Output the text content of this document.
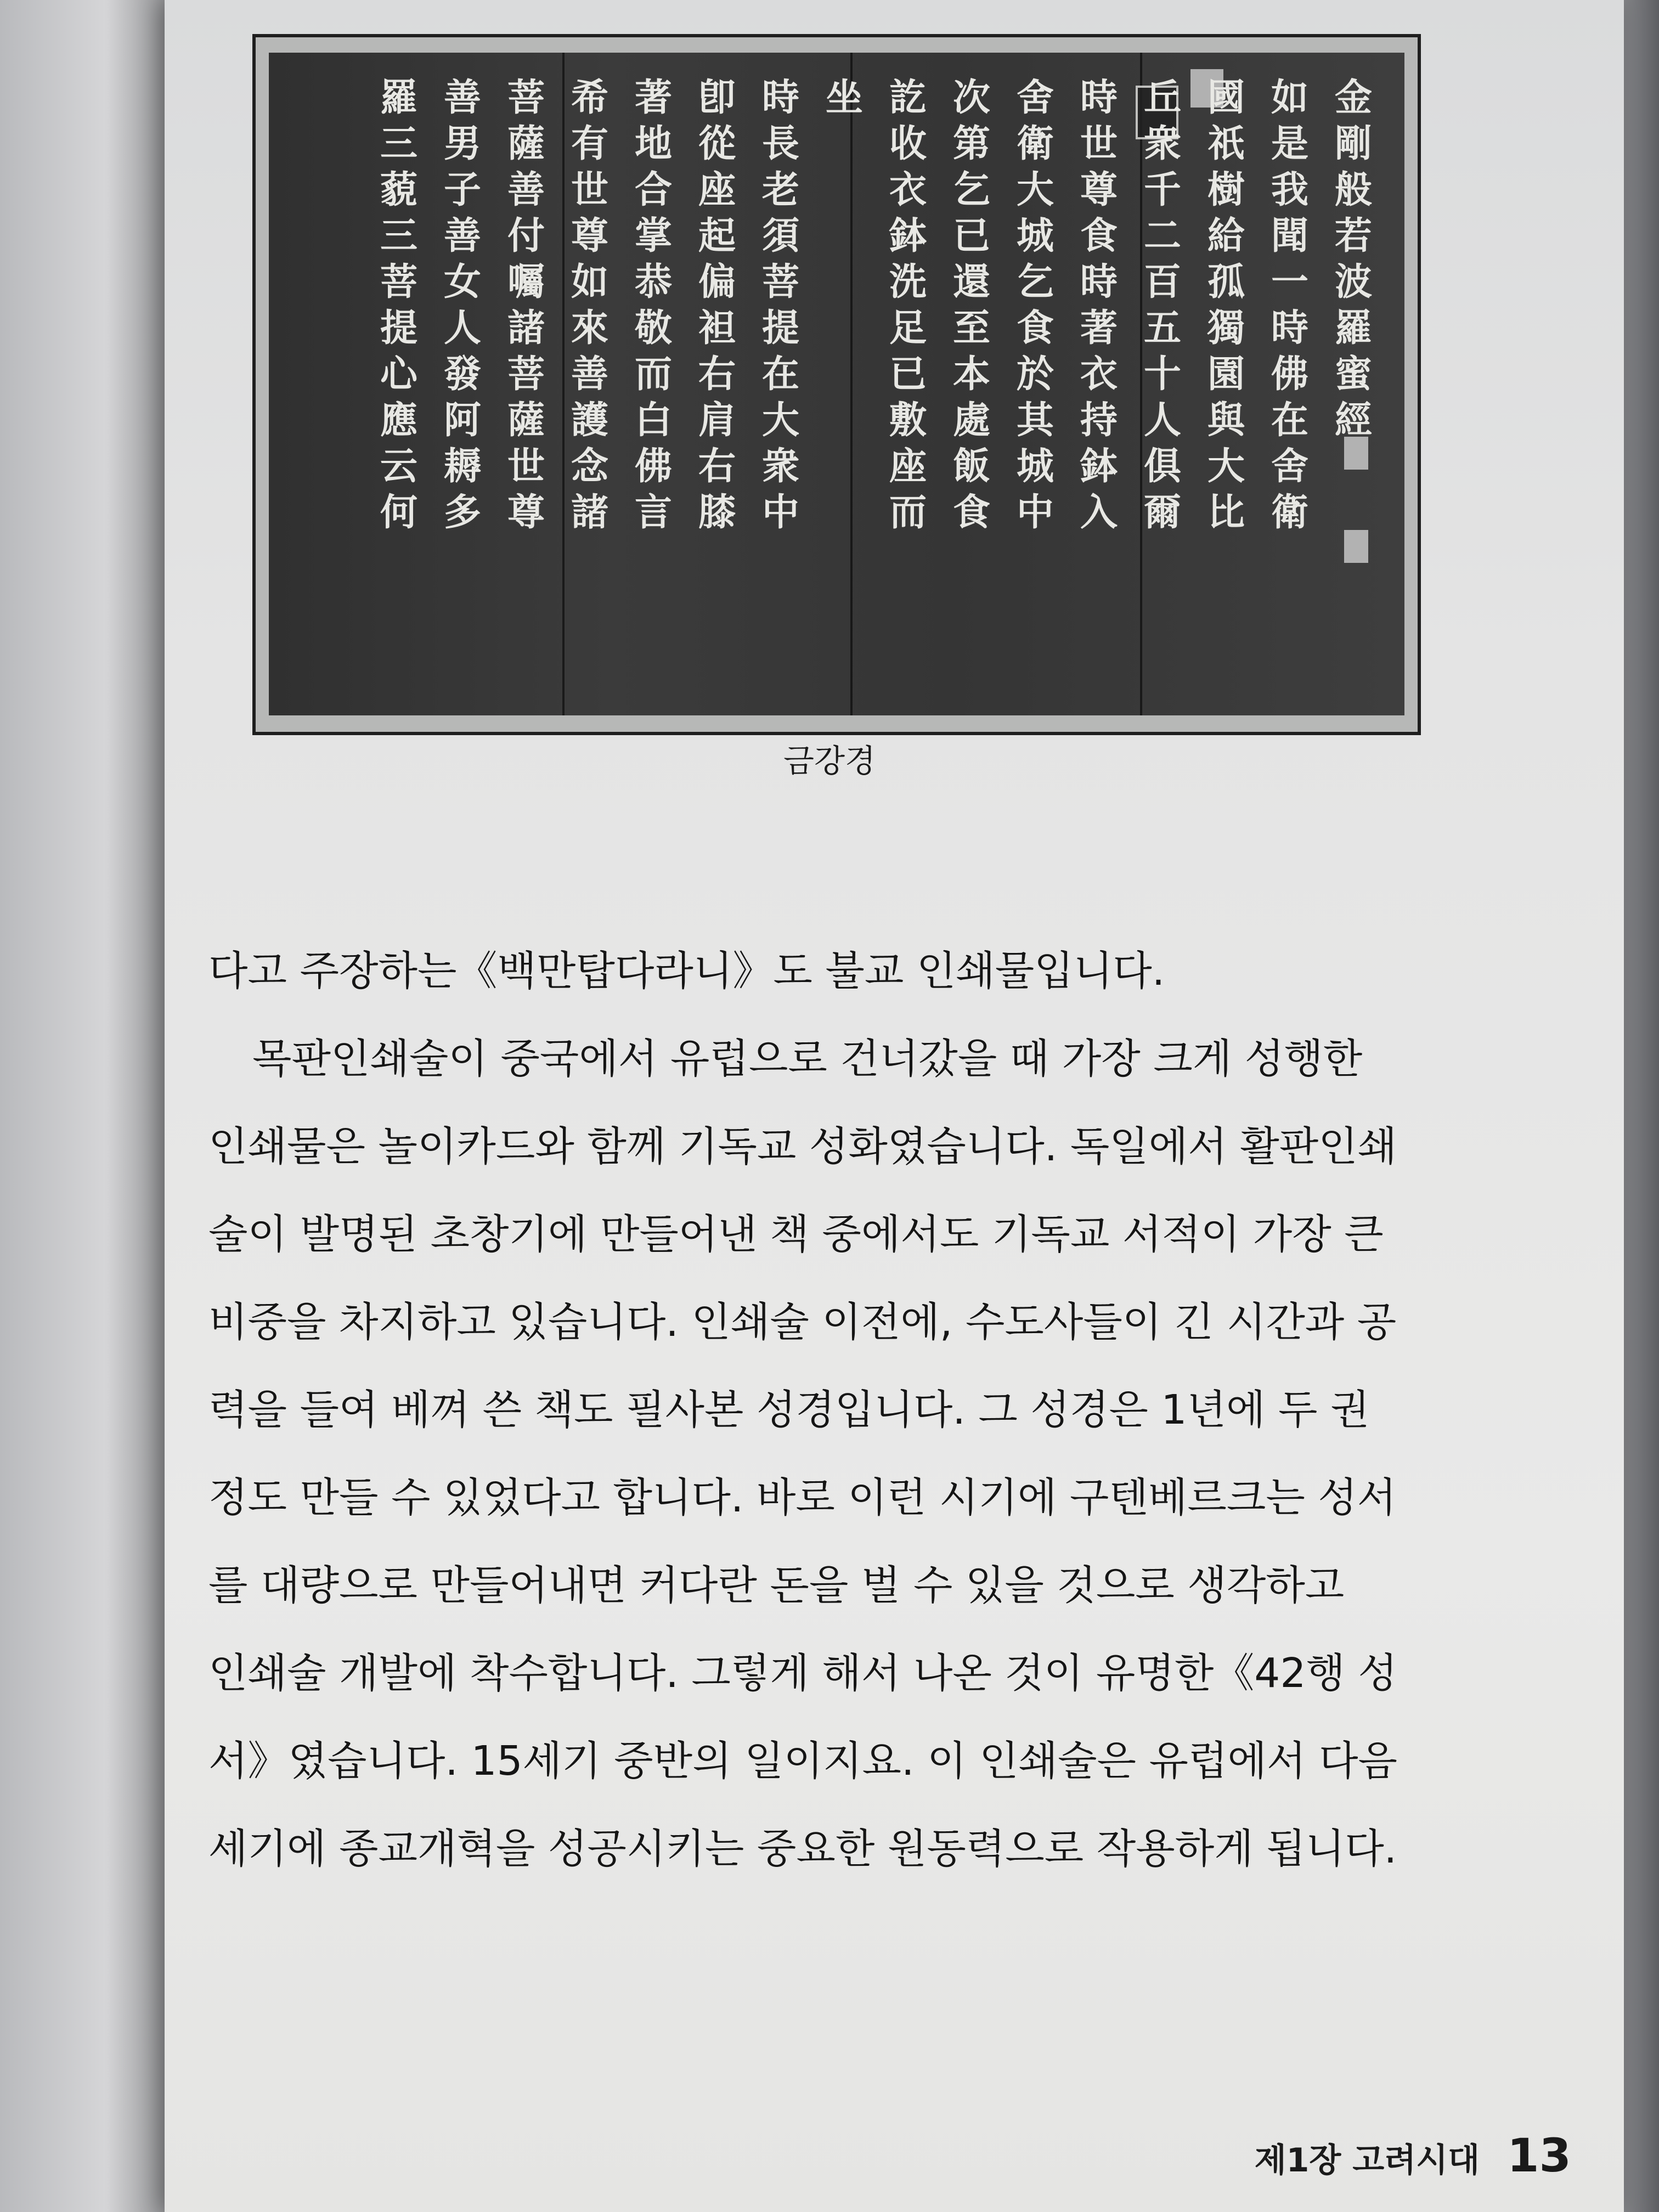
金
剛
般
若
波
羅
蜜
經
如
是
我
聞
一
時
佛
在
舍
衛
國
祇
樹
給
孤
獨
園
與
大
比
丘
衆
千
二
百
五
十
人
俱
爾
時
世
尊
食
時
著
衣
持
鉢
入
舍
衛
大
城
乞
食
於
其
城
中
次
第
乞
已
還
至
本
處
飯
食
訖
收
衣
鉢
洗
足
已
敷
座
而
坐
時
長
老
須
菩
提
在
大
衆
中
卽
從
座
起
偏
袒
右
肩
右
膝
著
地
合
掌
恭
敬
而
白
佛
言
希
有
世
尊
如
來
善
護
念
諸
菩
薩
善
付
囑
諸
菩
薩
世
尊
善
男
子
善
女
人
發
阿
耨
多
羅
三
藐
三
菩
提
心
應
云
何
금강경

다고 주장하는《백만탑다라니》도 불교 인쇄물입니다.

목판인쇄술이 중국에서 유럽으로 건너갔을 때 가장 크게 성행한

인쇄물은 놀이카드와 함께 기독교 성화였습니다. 독일에서 활판인쇄

술이 발명된 초창기에 만들어낸 책 중에서도 기독교 서적이 가장 큰

비중을 차지하고 있습니다. 인쇄술 이전에, 수도사들이 긴 시간과 공

력을 들여 베껴 쓴 책도 필사본 성경입니다. 그 성경은 1년에 두 권

정도 만들 수 있었다고 합니다. 바로 이런 시기에 구텐베르크는 성서

를 대량으로 만들어내면 커다란 돈을 벌 수 있을 것으로 생각하고

인쇄술 개발에 착수합니다. 그렇게 해서 나온 것이 유명한《42행 성

서》였습니다. 15세기 중반의 일이지요. 이 인쇄술은 유럽에서 다음

세기에 종교개혁을 성공시키는 중요한 원동력으로 작용하게 됩니다.

제1장 고려시대 13
